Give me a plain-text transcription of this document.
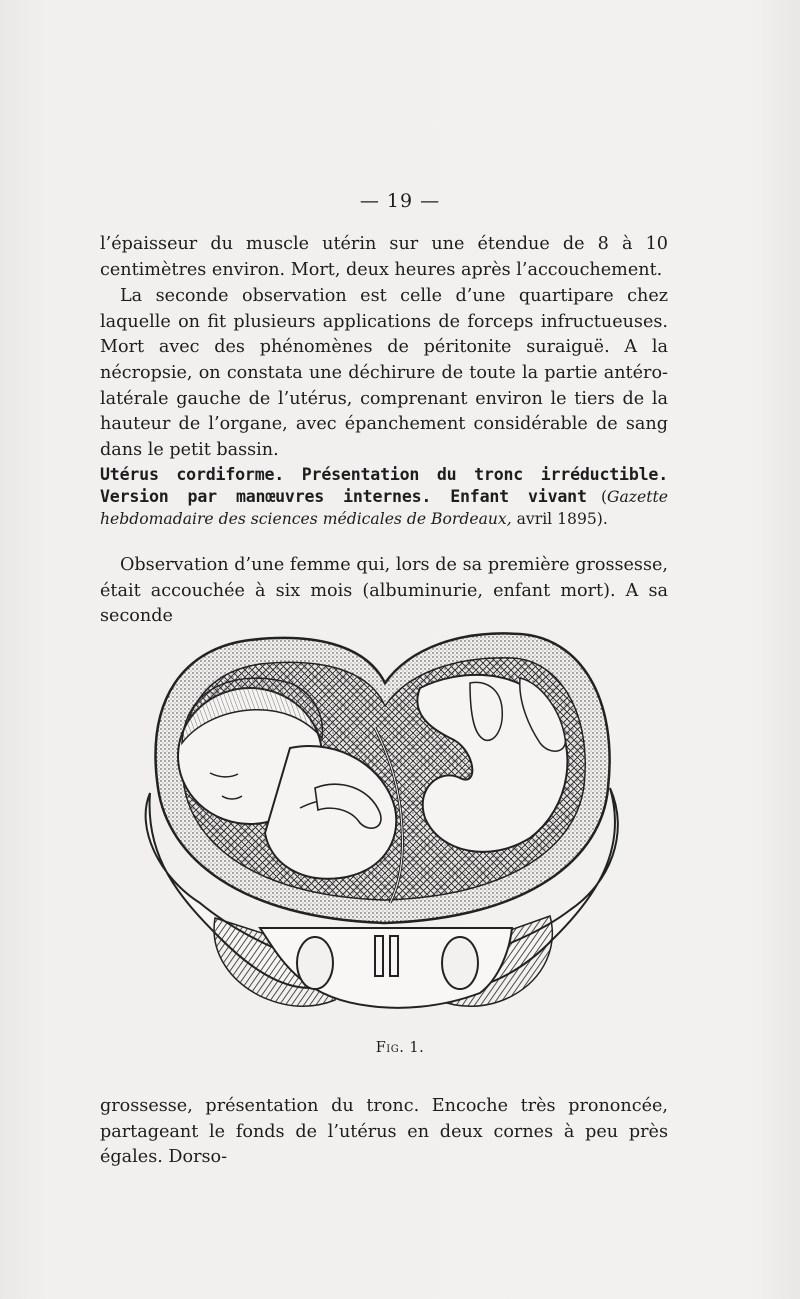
— 19 —

l’épaisseur du muscle utérin sur une étendue de 8 à 10 centimètres environ. Mort, deux heures après l’accouchement.

La seconde observation est celle d’une quartipare chez laquelle on fit plusieurs applications de forceps infructueuses. Mort avec des phénomènes de péritonite suraiguë. A la nécropsie, on constata une déchirure de toute la partie antéro-latérale gauche de l’utérus, comprenant environ le tiers de la hauteur de l’organe, avec épanchement considérable de sang dans le petit bassin.

Utérus cordiforme. Présentation du tronc irréductible. Version par manœuvres internes. Enfant vivant (Gazette hebdomadaire des sciences médicales de Bordeaux, avril 1895).

Observation d’une femme qui, lors de sa première grossesse, était accouchée à six mois (albuminurie, enfant mort). A sa seconde

Fig. 1.

grossesse, présentation du tronc. Encoche très prononcée, partageant le fonds de l’utérus en deux cornes à peu près égales. Dorso-
